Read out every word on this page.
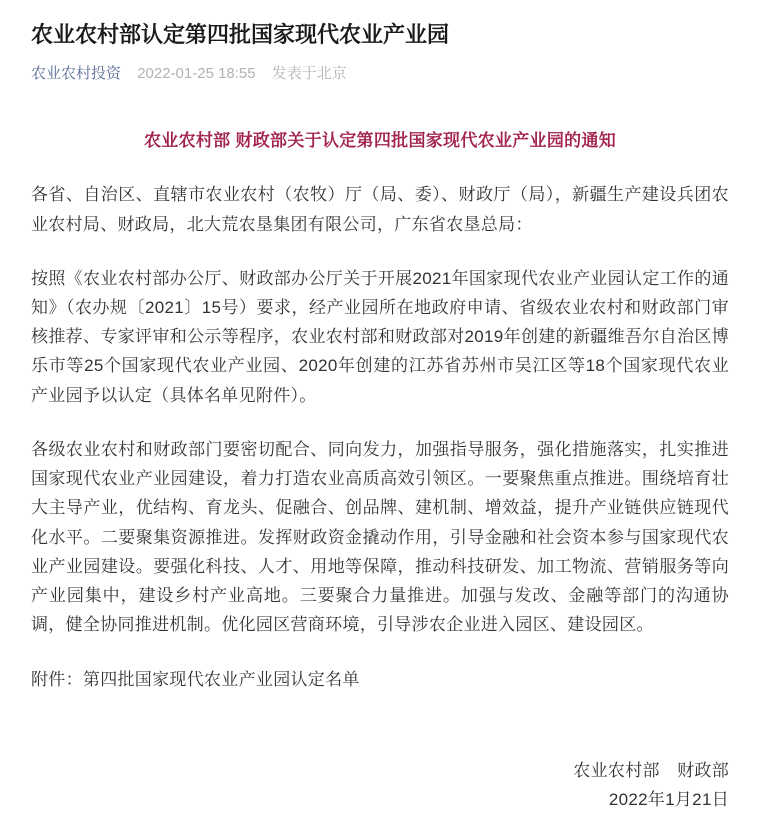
农业农村部认定第四批国家现代农业产业园
农业农村投资 2022-01-25 18:55 发表于北京

农业农村部 财政部关于认定第四批国家现代农业产业园的通知

各省、自治区、直辖市农业农村（农牧）厅（局、委）、财政厅（局），新疆生产建设兵团农业农村局、财政局，北大荒农垦集团有限公司，广东省农垦总局：

按照《农业农村部办公厅、财政部办公厅关于开展2021年国家现代农业产业园认定工作的通知》（农办规〔2021〕15号）要求，经产业园所在地政府申请、省级农业农村和财政部门审核推荐、专家评审和公示等程序，农业农村部和财政部对2019年创建的新疆维吾尔自治区博乐市等25个国家现代农业产业园、2020年创建的江苏省苏州市吴江区等18个国家现代农业产业园予以认定（具体名单见附件）。

各级农业农村和财政部门要密切配合、同向发力，加强指导服务，强化措施落实，扎实推进国家现代农业产业园建设，着力打造农业高质高效引领区。一要聚焦重点推进。围绕培育壮大主导产业，优结构、育龙头、促融合、创品牌、建机制、增效益，提升产业链供应链现代化水平。二要聚集资源推进。发挥财政资金撬动作用，引导金融和社会资本参与国家现代农业产业园建设。要强化科技、人才、用地等保障，推动科技研发、加工物流、营销服务等向产业园集中，建设乡村产业高地。三要聚合力量推进。加强与发改、金融等部门的沟通协调，健全协同推进机制。优化园区营商环境，引导涉农企业进入园区、建设园区。

附件：第四批国家现代农业产业园认定名单

农业农村部　财政部

2022年1月21日
